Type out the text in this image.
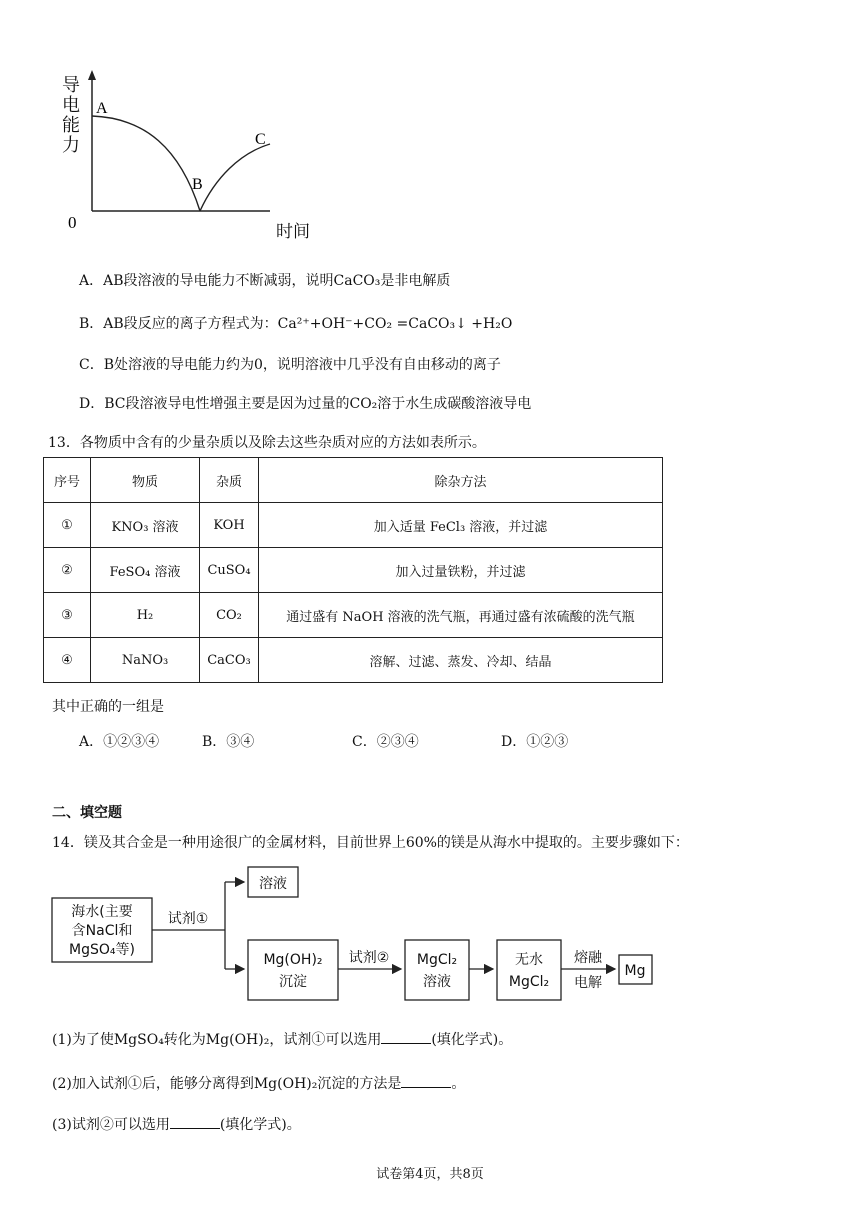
A
B
C
0
导电能力
时间
A．AB段溶液的导电能力不断减弱，说明CaCO₃是非电解质
B．AB段反应的离子方程式为：Ca²⁺+OH⁻+CO₂ =CaCO₃↓ +H₂O
C．B处溶液的导电能力约为0，说明溶液中几乎没有自由移动的离子
D．BC段溶液导电性增强主要是因为过量的CO₂溶于水生成碳酸溶液导电
13．各物质中含有的少量杂质以及除去这些杂质对应的方法如表所示。
序号	物质	杂质	除杂方法
①	KNO₃ 溶液	KOH	加入适量 FeCl₃ 溶液，并过滤
②	FeSO₄ 溶液	CuSO₄	加入过量铁粉，并过滤
③	H₂	CO₂	通过盛有 NaOH 溶液的洗气瓶，再通过盛有浓硫酸的洗气瓶
④	NaNO₃	CaCO₃	溶解、过滤、蒸发、冷却、结晶
其中正确的一组是
A．①②③④	B．③④	C．②③④	D．①②③
二、填空题
14．镁及其合金是一种用途很广的金属材料，目前世界上60%的镁是从海水中提取的。主要步骤如下：
海水(主要
含NaCl和
MgSO₄等)
试剂①
溶液
Mg(OH)₂
沉淀
试剂② MgCl₂
溶液
无水
MgCl₂
熔融
电解
Mg
(1)为了使MgSO₄转化为Mg(OH)₂，试剂①可以选用	(填化学式)。
(2)加入试剂①后，能够分离得到Mg(OH)₂沉淀的方法是	。
(3)试剂②可以选用	(填化学式)。
试卷第4页，共8页
